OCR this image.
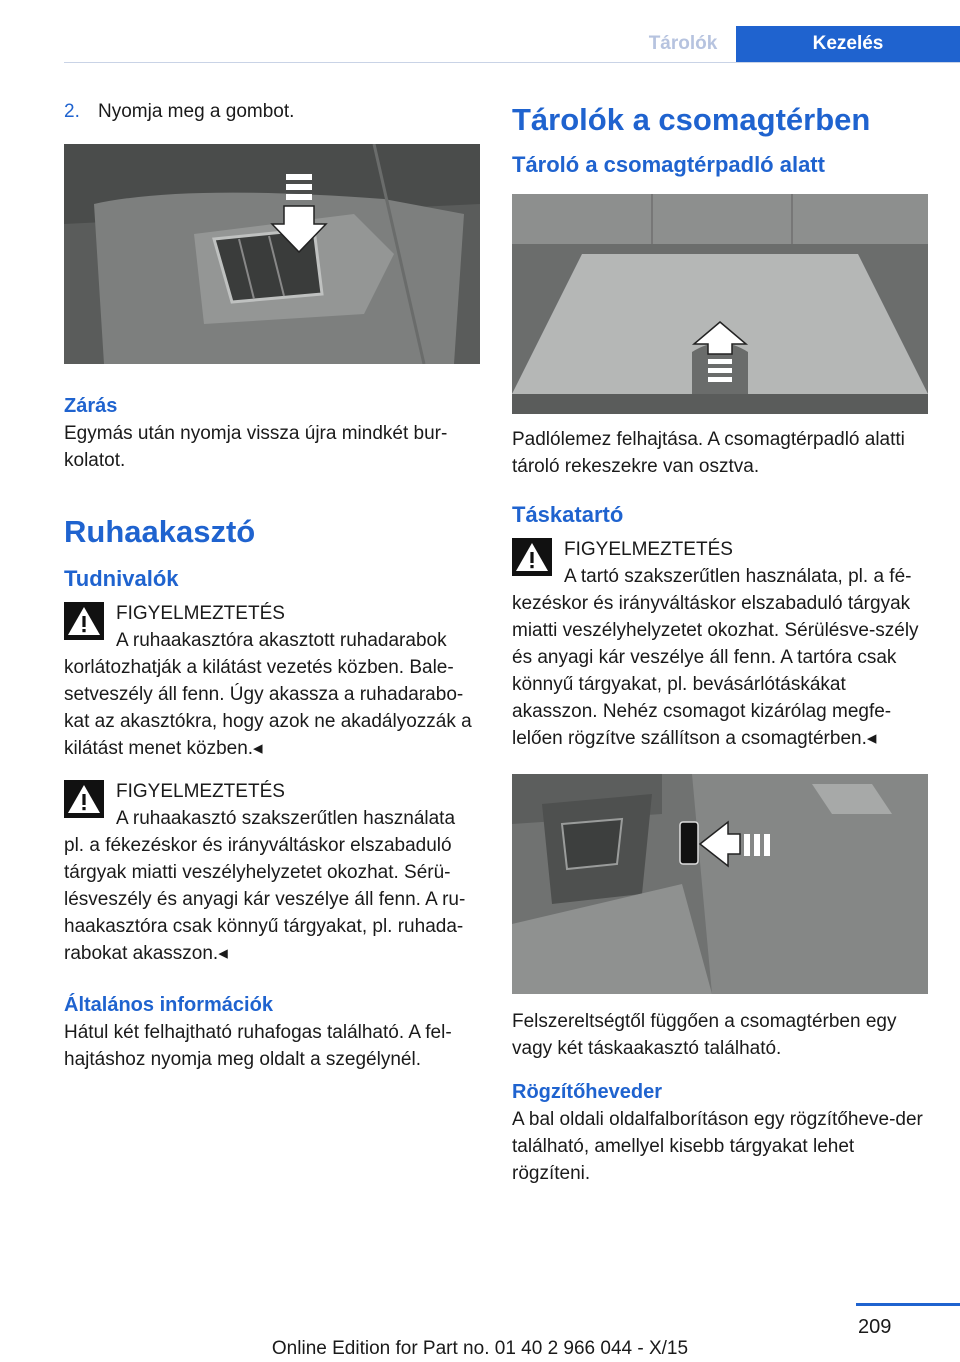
Tárolók	Kezelés
2. Nyomja meg a gombot.

Zárás

Egymás után nyomja vissza újra mindkét bur-kolatot.

Ruhaakasztó

Tudnivalók

FIGYELMEZTETÉS

A ruhaakasztóra akasztott ruhadarabok

korlátozhatják a kilátást vezetés közben. Bale-setveszély áll fenn. Úgy akassza a ruhadarabo-kat az akasztókra, hogy azok ne akadályozzák a kilátást menet közben.◂

FIGYELMEZTETÉS

A ruhaakasztó szakszerűtlen használata

pl. a fékezéskor és irányváltáskor elszabaduló tárgyak miatti veszélyhelyzetet okozhat. Sérü-lésveszély és anyagi kár veszélye áll fenn. A ru-haakasztóra csak könnyű tárgyakat, pl. ruhada-rabokat akasszon.◂

Általános információk

Hátul két felhajtható ruhafogas található. A fel-hajtáshoz nyomja meg oldalt a szegélynél.

Tárolók a csomagtérben

Tároló a csomagtérpadló alatt

Padlólemez felhajtása. A csomagtérpadló alatti tároló rekeszekre van osztva.

Táskatartó

FIGYELMEZTETÉS

A tartó szakszerűtlen használata, pl. a fé-

kezéskor és irányváltáskor elszabaduló tárgyak miatti veszélyhelyzetet okozhat. Sérülésve-szély és anyagi kár veszélye áll fenn. A tartóra csak könnyű tárgyakat, pl. bevásárlótáskákat akasszon. Nehéz csomagot kizárólag megfe-lelően rögzítve szállítson a csomagtérben.◂

Felszereltségtől függően a csomagtérben egy vagy két táskaakasztó található.

Rögzítőheveder

A bal oldali oldalfalborításon egy rögzítőheve-der található, amellyel kisebb tárgyakat lehet rögzíteni.

209
Online Edition for Part no. 01 40 2 966 044 - X/15
